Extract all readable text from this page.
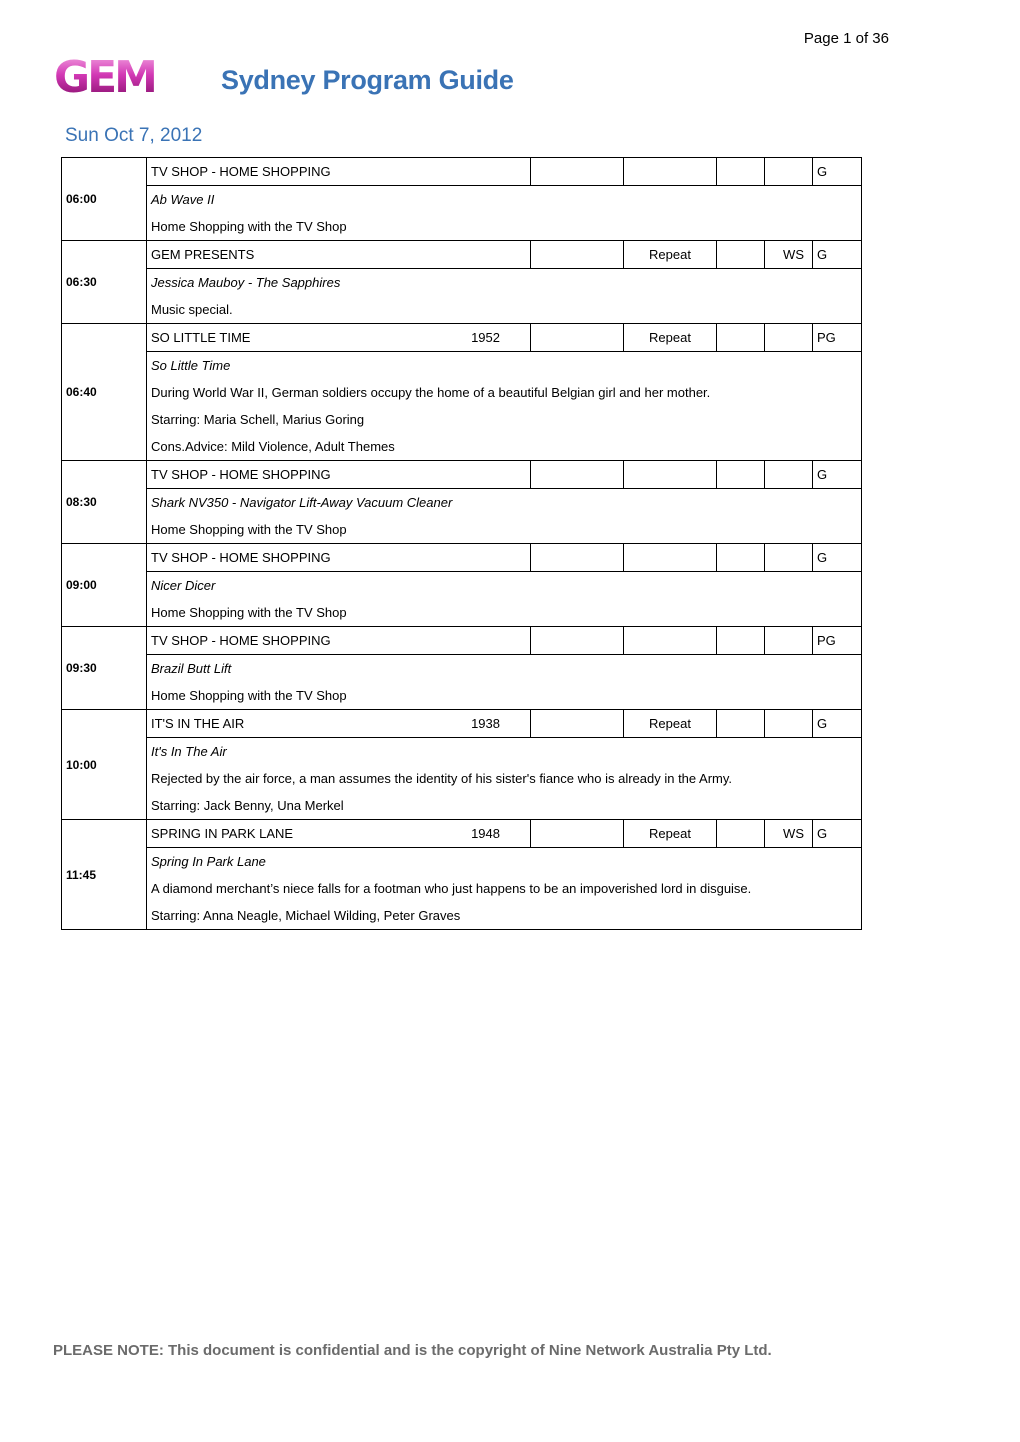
Page 1 of 36
GEM Sydney Program Guide
Sun Oct 7, 2012
06:00	TV SHOP - HOME SHOPPING					G
	Ab Wave II					
	Home Shopping with the TV Shop					
06:30	GEM PRESENTS		Repeat		WS	G
	Jessica Mauboy - The Sapphires					
	Music special.					
06:40	SO LITTLE TIME 1952		Repeat			PG
	So Little Time					
	During World War II, German soldiers occupy the home of a beautiful Belgian girl and her mother.					
	Starring: Maria Schell, Marius Goring					
	Cons.Advice: Mild Violence, Adult Themes					
08:30	TV SHOP - HOME SHOPPING					G
	Shark NV350 - Navigator Lift-Away Vacuum Cleaner					
	Home Shopping with the TV Shop					
09:00	TV SHOP - HOME SHOPPING					G
	Nicer Dicer					
	Home Shopping with the TV Shop					
09:30	TV SHOP - HOME SHOPPING					PG
	Brazil Butt Lift					
	Home Shopping with the TV Shop					
10:00	IT'S IN THE AIR 1938		Repeat			G
	It's In The Air					
	Rejected by the air force, a man assumes the identity of his sister's fiance who is already in the Army.					
	Starring: Jack Benny, Una Merkel					
11:45	SPRING IN PARK LANE 1948		Repeat		WS	G
	Spring In Park Lane					
	A diamond merchant’s niece falls for a footman who just happens to be an impoverished lord in disguise.					
	Starring: Anna Neagle, Michael Wilding, Peter Graves					
PLEASE NOTE: This document is confidential and is the copyright of Nine Network Australia Pty Ltd.
